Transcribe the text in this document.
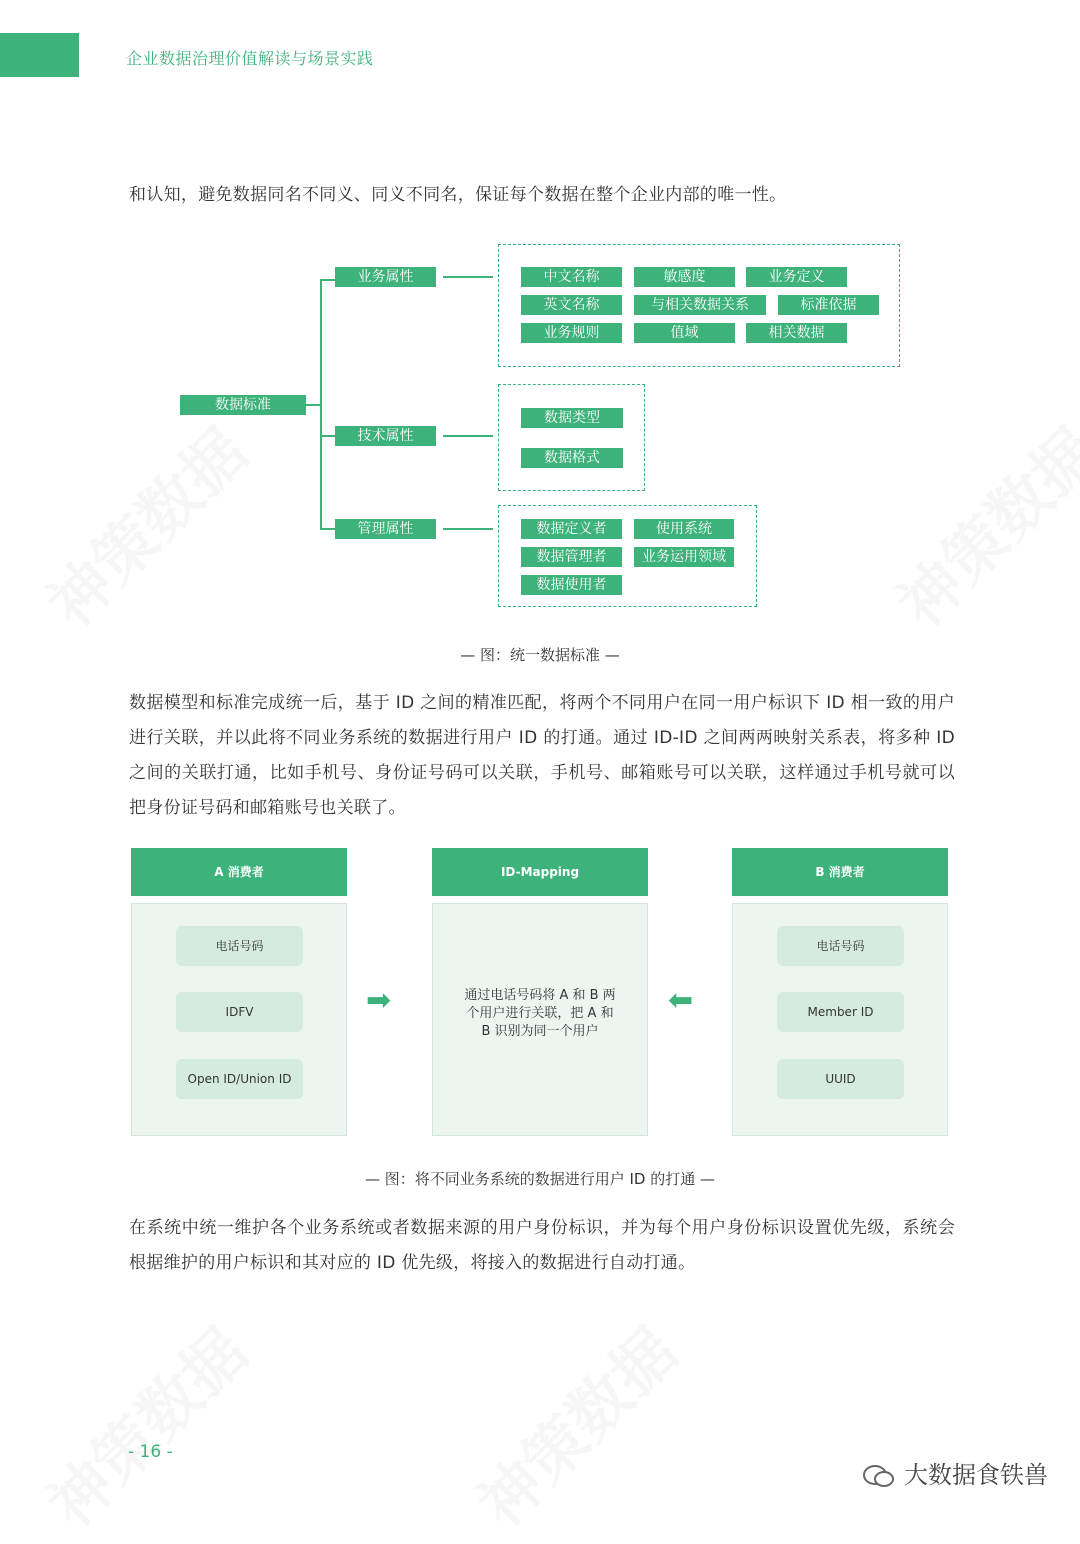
企业数据治理价值解读与场景实践
和认知，避免数据同名不同义、同义不同名，保证每个数据在整个企业内部的唯一性。
数据标准
业务属性
技术属性
管理属性
中文名称	敏感度	业务定义
英文名称	与相关数据关系	标准依据
业务规则	值域	相关数据
数据类型
数据格式
数据定义者	使用系统
数据管理者	业务运用领域
数据使用者
— 图：统一数据标准 —
数据模型和标准完成统一后，基于 ID 之间的精准匹配，将两个不同用户在同一用户标识下 ID 相一致的用户进行关联，并以此将不同业务系统的数据进行用户 ID 的打通。通过 ID-ID 之间两两映射关系表，将多种 ID 之间的关联打通，比如手机号、身份证号码可以关联，手机号、邮箱账号可以关联，这样通过手机号就可以把身份证号码和邮箱账号也关联了。
A 消费者
电话号码
IDFV
Open ID/Union ID
➡
ID-Mapping
通过电话号码将 A 和 B 两
个用户进行关联，把 A 和
B 识别为同一个用户
⬅
B 消费者
电话号码
Member ID
UUID
— 图：将不同业务系统的数据进行用户 ID 的打通 —
在系统中统一维护各个业务系统或者数据来源的用户身份标识，并为每个用户身份标识设置优先级，系统会根据维护的用户标识和其对应的 ID 优先级，将接入的数据进行自动打通。
- 16 -
大数据食铁兽
